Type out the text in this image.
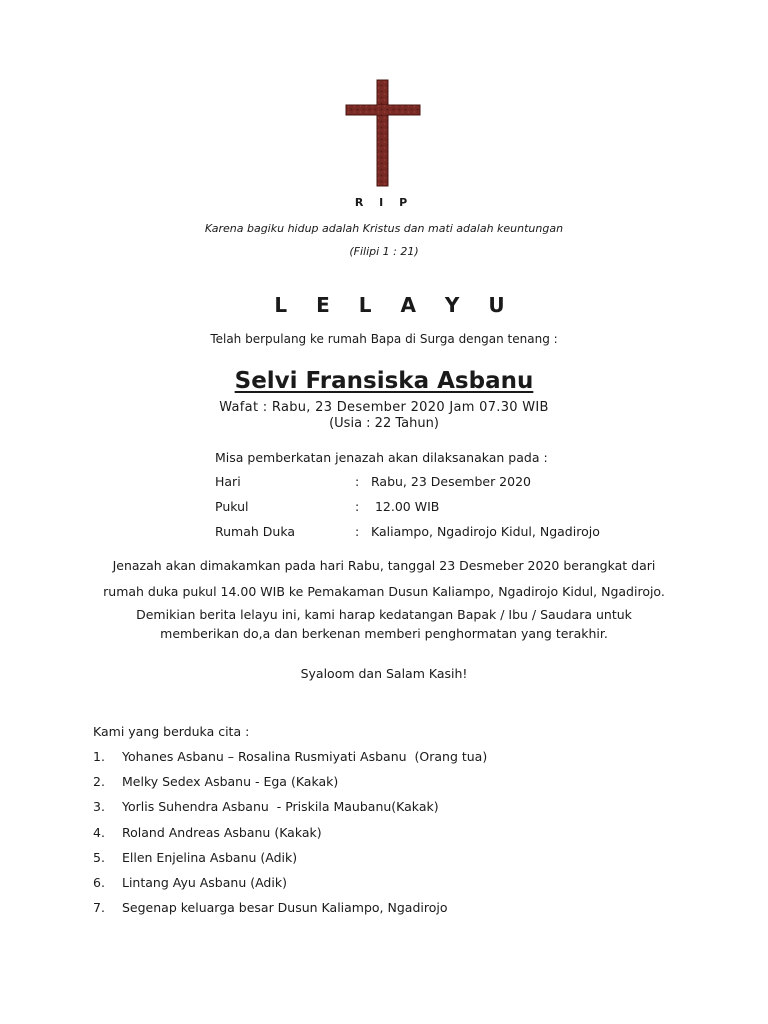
R I P
Karena bagiku hidup adalah Kristus dan mati adalah keuntungan
(Filipi 1 : 21)
L E L A Y U
Telah berpulang ke rumah Bapa di Surga dengan tenang :
Selvi Fransiska Asbanu
Wafat : Rabu, 23 Desember 2020 Jam 07.30 WIB
(Usia : 22 Tahun)
Misa pemberkatan jenazah akan dilaksanakan pada :
Hari	: Rabu, 23 Desember 2020
Pukul	: 12.00 WIB
Rumah Duka	: Kaliampo, Ngadirojo Kidul, Ngadirojo
Jenazah akan dimakamkan pada hari Rabu, tanggal 23 Desmeber 2020 berangkat dari
rumah duka pukul 14.00 WIB ke Pemakaman Dusun Kaliampo, Ngadirojo Kidul, Ngadirojo.
Demikian berita lelayu ini, kami harap kedatangan Bapak / Ibu / Saudara untuk
memberikan do,a dan berkenan memberi penghormatan yang terakhir.
Syaloom dan Salam Kasih!
Kami yang berduka cita :
1. Yohanes Asbanu – Rosalina Rusmiyati Asbanu  (Orang tua)
2. Melky Sedex Asbanu - Ega (Kakak)
3. Yorlis Suhendra Asbanu  - Priskila Maubanu(Kakak)
4. Roland Andreas Asbanu (Kakak)
5. Ellen Enjelina Asbanu (Adik)
6. Lintang Ayu Asbanu (Adik)
7. Segenap keluarga besar Dusun Kaliampo, Ngadirojo
